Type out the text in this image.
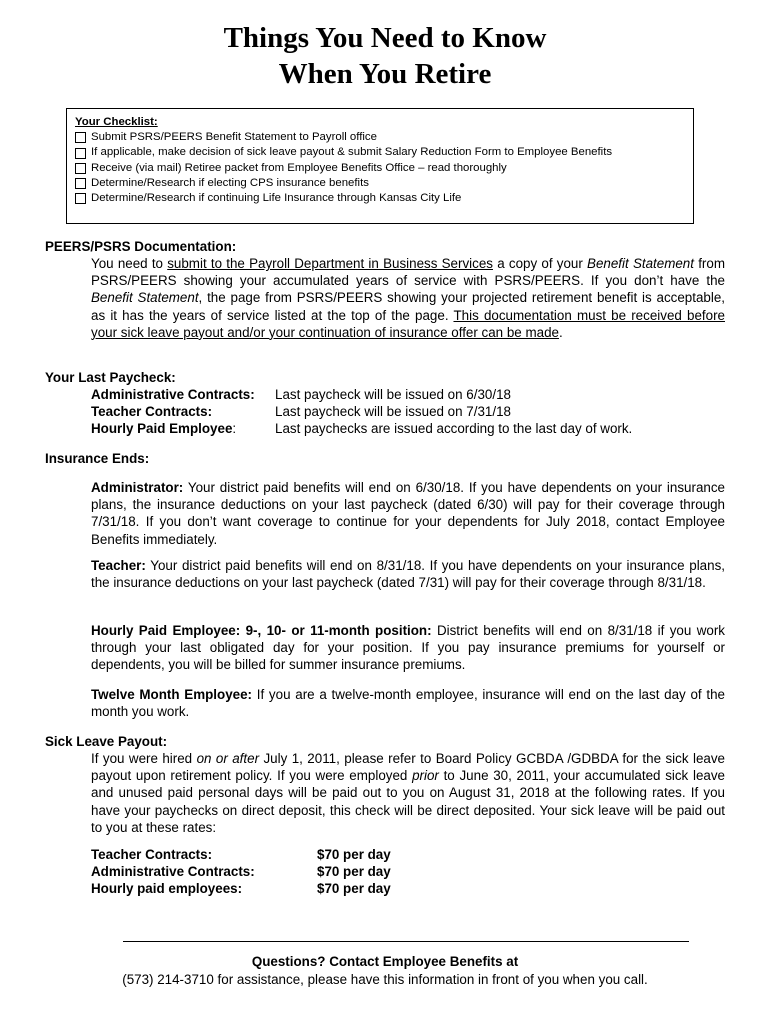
Things You Need to Know
When You Retire
Your Checklist:
Submit PSRS/PEERS Benefit Statement to Payroll office
If applicable, make decision of sick leave payout & submit Salary Reduction Form to Employee Benefits
Receive (via mail) Retiree packet from Employee Benefits Office – read thoroughly
Determine/Research if electing CPS insurance benefits
Determine/Research if continuing Life Insurance through Kansas City Life
PEERS/PSRS Documentation:
You need to submit to the Payroll Department in Business Services a copy of your Benefit Statement from PSRS/PEERS showing your accumulated years of service with PSRS/PEERS. If you don’t have the Benefit Statement, the page from PSRS/PEERS showing your projected retirement benefit is acceptable, as it has the years of service listed at the top of the page. This documentation must be received before your sick leave payout and/or your continuation of insurance offer can be made.
Your Last Paycheck:
Administrative Contracts: Last paycheck will be issued on 6/30/18
Teacher Contracts:	Last paycheck will be issued on 7/31/18
Hourly Paid Employee:	Last paychecks are issued according to the last day of work.
Insurance Ends:
Administrator: Your district paid benefits will end on 6/30/18. If you have dependents on your insurance plans, the insurance deductions on your last paycheck (dated 6/30) will pay for their coverage through 7/31/18. If you don’t want coverage to continue for your dependents for July 2018, contact Employee Benefits immediately.
Teacher: Your district paid benefits will end on 8/31/18. If you have dependents on your insurance plans, the insurance deductions on your last paycheck (dated 7/31) will pay for their coverage through 8/31/18.
Hourly Paid Employee: 9-, 10- or 11-month position: District benefits will end on 8/31/18 if you work through your last obligated day for your position. If you pay insurance premiums for yourself or dependents, you will be billed for summer insurance premiums.
Twelve Month Employee: If you are a twelve-month employee, insurance will end on the last day of the month you work.
Sick Leave Payout:
If you were hired on or after July 1, 2011, please refer to Board Policy GCBDA /GDBDA for the sick leave payout upon retirement policy. If you were employed prior to June 30, 2011, your accumulated sick leave and unused paid personal days will be paid out to you on August 31, 2018 at the following rates. If you have your paychecks on direct deposit, this check will be direct deposited. Your sick leave will be paid out to you at these rates:
Teacher Contracts:	$70 per day
Administrative Contracts:	$70 per day
Hourly paid employees:	$70 per day
Questions? Contact Employee Benefits at
(573) 214-3710 for assistance, please have this information in front of you when you call.
